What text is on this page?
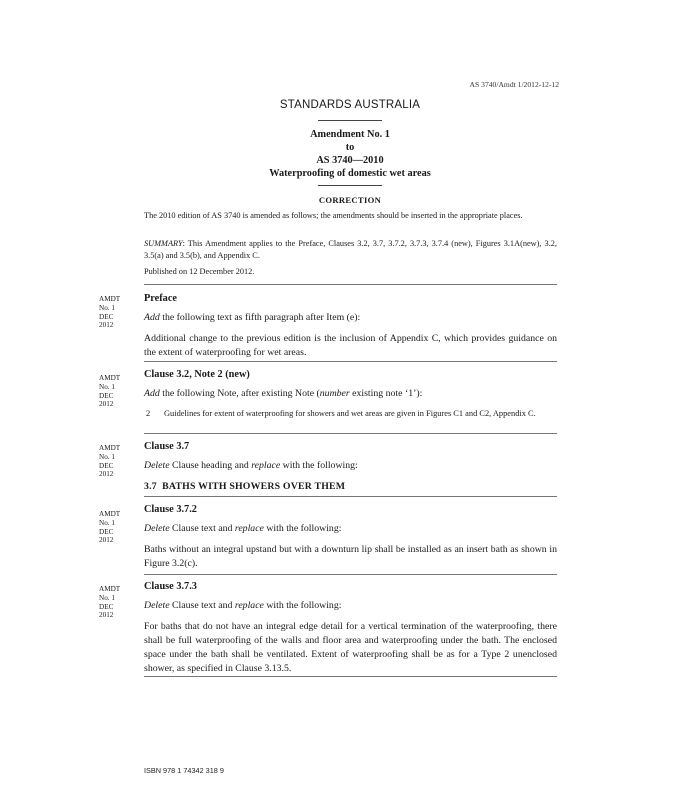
AS 3740/Amdt 1/2012-12-12
STANDARDS AUSTRALIA
Amendment No. 1
to
AS 3740—2010
Waterproofing of domestic wet areas
CORRECTION

The 2010 edition of AS 3740 is amended as follows; the amendments should be inserted in the appropriate places.

SUMMARY: This Amendment applies to the Preface, Clauses 3.2, 3.7, 3.7.2, 3.7.3, 3.7.4 (new), Figures 3.1A(new), 3.2, 3.5(a) and 3.5(b), and Appendix C.

Published on 12 December 2012.

AMDT
No. 1
DEC
2012
Preface

Add the following text as fifth paragraph after Item (e):

Additional change to the previous edition is the inclusion of Appendix C, which provides guidance on the extent of waterproofing for wet areas.

AMDT
No. 1
DEC
2012
Clause 3.2, Note 2 (new)

Add the following Note, after existing Note (number existing note ‘1’):

2	Guidelines for extent of waterproofing for showers and wet areas are given in Figures C1 and C2, Appendix C.
AMDT
No. 1
DEC
2012
Clause 3.7

Delete Clause heading and replace with the following:

3.7  BATHS WITH SHOWERS OVER THEM

AMDT
No. 1
DEC
2012
Clause 3.7.2

Delete Clause text and replace with the following:

Baths without an integral upstand but with a downturn lip shall be installed as an insert bath as shown in Figure 3.2(c).

AMDT
No. 1
DEC
2012
Clause 3.7.3

Delete Clause text and replace with the following:

For baths that do not have an integral edge detail for a vertical termination of the waterproofing, there shall be full waterproofing of the walls and floor area and waterproofing under the bath. The enclosed space under the bath shall be ventilated. Extent of waterproofing shall be as for a Type 2 unenclosed shower, as specified in Clause 3.13.5.

ISBN 978 1 74342 318 9
